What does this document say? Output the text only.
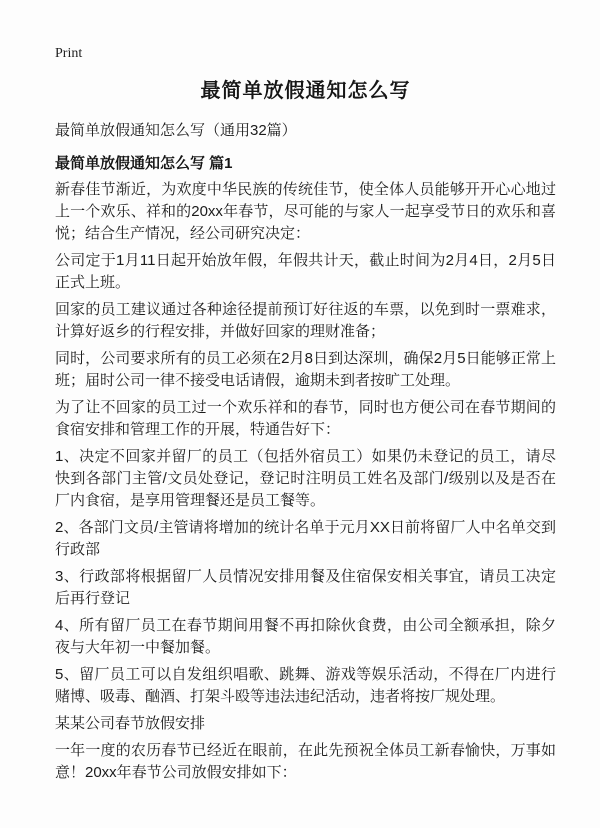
Print
最简单放假通知怎么写
最简单放假通知怎么写（通用32篇）
最简单放假通知怎么写 篇1

新春佳节渐近，为欢度中华民族的传统佳节，使全体人员能够开开心心地过上一个欢乐、祥和的20xx年春节，尽可能的与家人一起享受节日的欢乐和喜悦；结合生产情况，经公司研究决定：

公司定于1月11日起开始放年假，年假共计天，截止时间为2月4日，2月5日正式上班。

回家的员工建议通过各种途径提前预订好往返的车票，以免到时一票难求，计算好返乡的行程安排，并做好回家的理财准备；

同时，公司要求所有的员工必须在2月8日到达深圳，确保2月5日能够正常上班；届时公司一律不接受电话请假，逾期未到者按旷工处理。

为了让不回家的员工过一个欢乐祥和的春节，同时也方便公司在春节期间的食宿安排和管理工作的开展，特通告好下：

1、决定不回家并留厂的员工（包括外宿员工）如果仍未登记的员工，请尽快到各部门主管/文员处登记，登记时注明员工姓名及部门/级别以及是否在厂内食宿，是享用管理餐还是员工餐等。

2、各部门文员/主管请将增加的统计名单于元月XX日前将留厂人中名单交到行政部

3、行政部将根据留厂人员情况安排用餐及住宿保安相关事宜，请员工决定后再行登记

4、所有留厂员工在春节期间用餐不再扣除伙食费，由公司全额承担，除夕夜与大年初一中餐加餐。

5、留厂员工可以自发组织唱歌、跳舞、游戏等娱乐活动，不得在厂内进行赌博、吸毒、酗酒、打架斗殴等违法违纪活动，违者将按厂规处理。

某某公司春节放假安排

一年一度的农历春节已经近在眼前，在此先预祝全体员工新春愉快，万事如意！20xx年春节公司放假安排如下：
